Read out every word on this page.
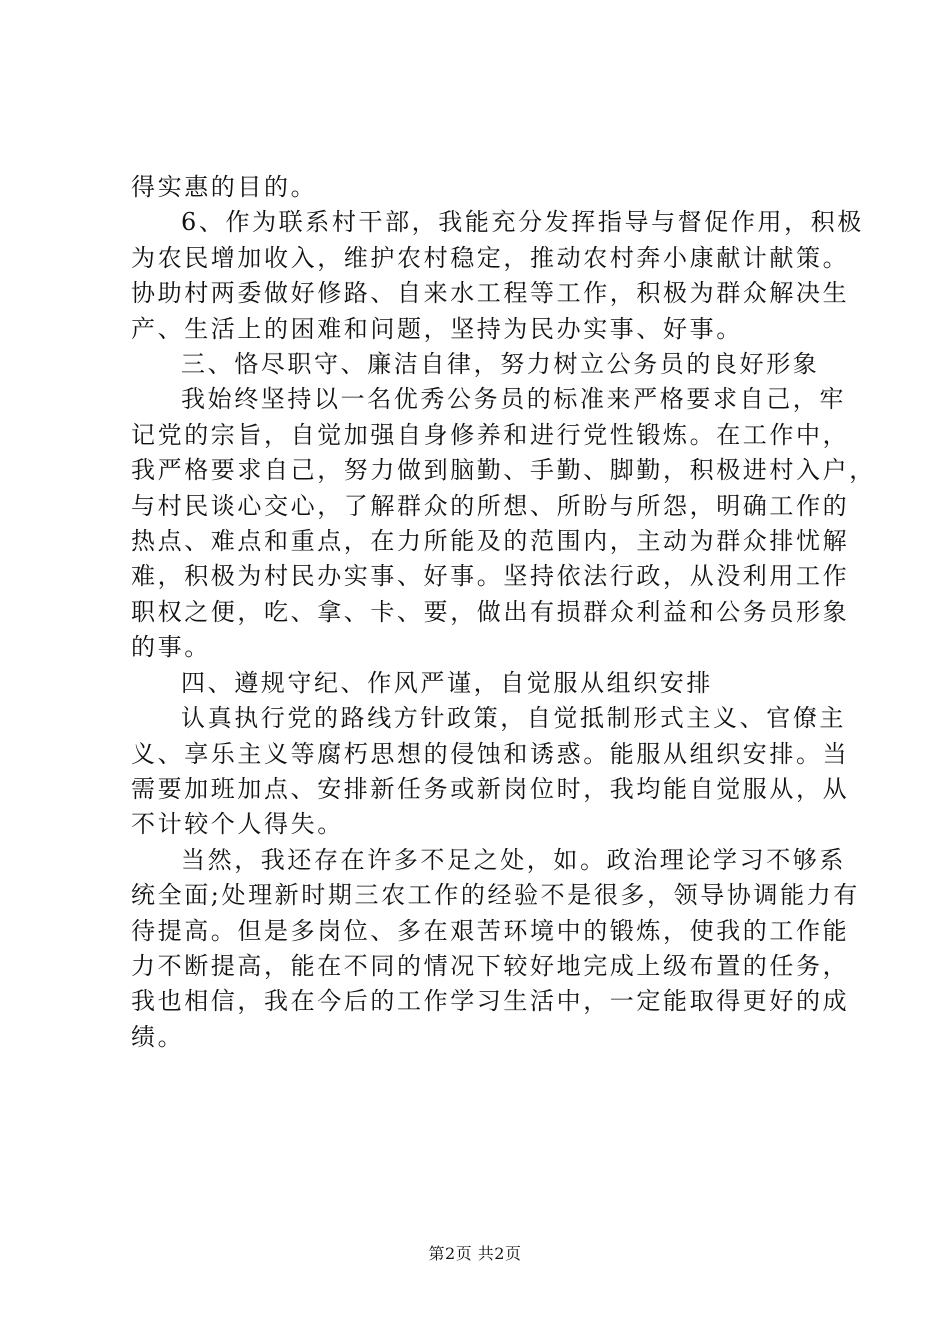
得实惠的目的。
6、作为联系村干部，我能充分发挥指导与督促作用，积极
为农民增加收入，维护农村稳定，推动农村奔小康献计献策。
协助村两委做好修路、自来水工程等工作，积极为群众解决生
产、生活上的困难和问题，坚持为民办实事、好事。
三、恪尽职守、廉洁自律，努力树立公务员的良好形象
我始终坚持以一名优秀公务员的标准来严格要求自己，牢
记党的宗旨，自觉加强自身修养和进行党性锻炼。在工作中，
我严格要求自己，努力做到脑勤、手勤、脚勤，积极进村入户，
与村民谈心交心，了解群众的所想、所盼与所怨，明确工作的
热点、难点和重点，在力所能及的范围内，主动为群众排忧解
难，积极为村民办实事、好事。坚持依法行政，从没利用工作
职权之便，吃、拿、卡、要，做出有损群众利益和公务员形象
的事。
四、遵规守纪、作风严谨，自觉服从组织安排
认真执行党的路线方针政策，自觉抵制形式主义、官僚主
义、享乐主义等腐朽思想的侵蚀和诱惑。能服从组织安排。当
需要加班加点、安排新任务或新岗位时，我均能自觉服从，从
不计较个人得失。
当然，我还存在许多不足之处，如。政治理论学习不够系
统全面;处理新时期三农工作的经验不是很多，领导协调能力有
待提高。但是多岗位、多在艰苦环境中的锻炼，使我的工作能
力不断提高，能在不同的情况下较好地完成上级布置的任务，
我也相信，我在今后的工作学习生活中，一定能取得更好的成
绩。
第2页 共2页
